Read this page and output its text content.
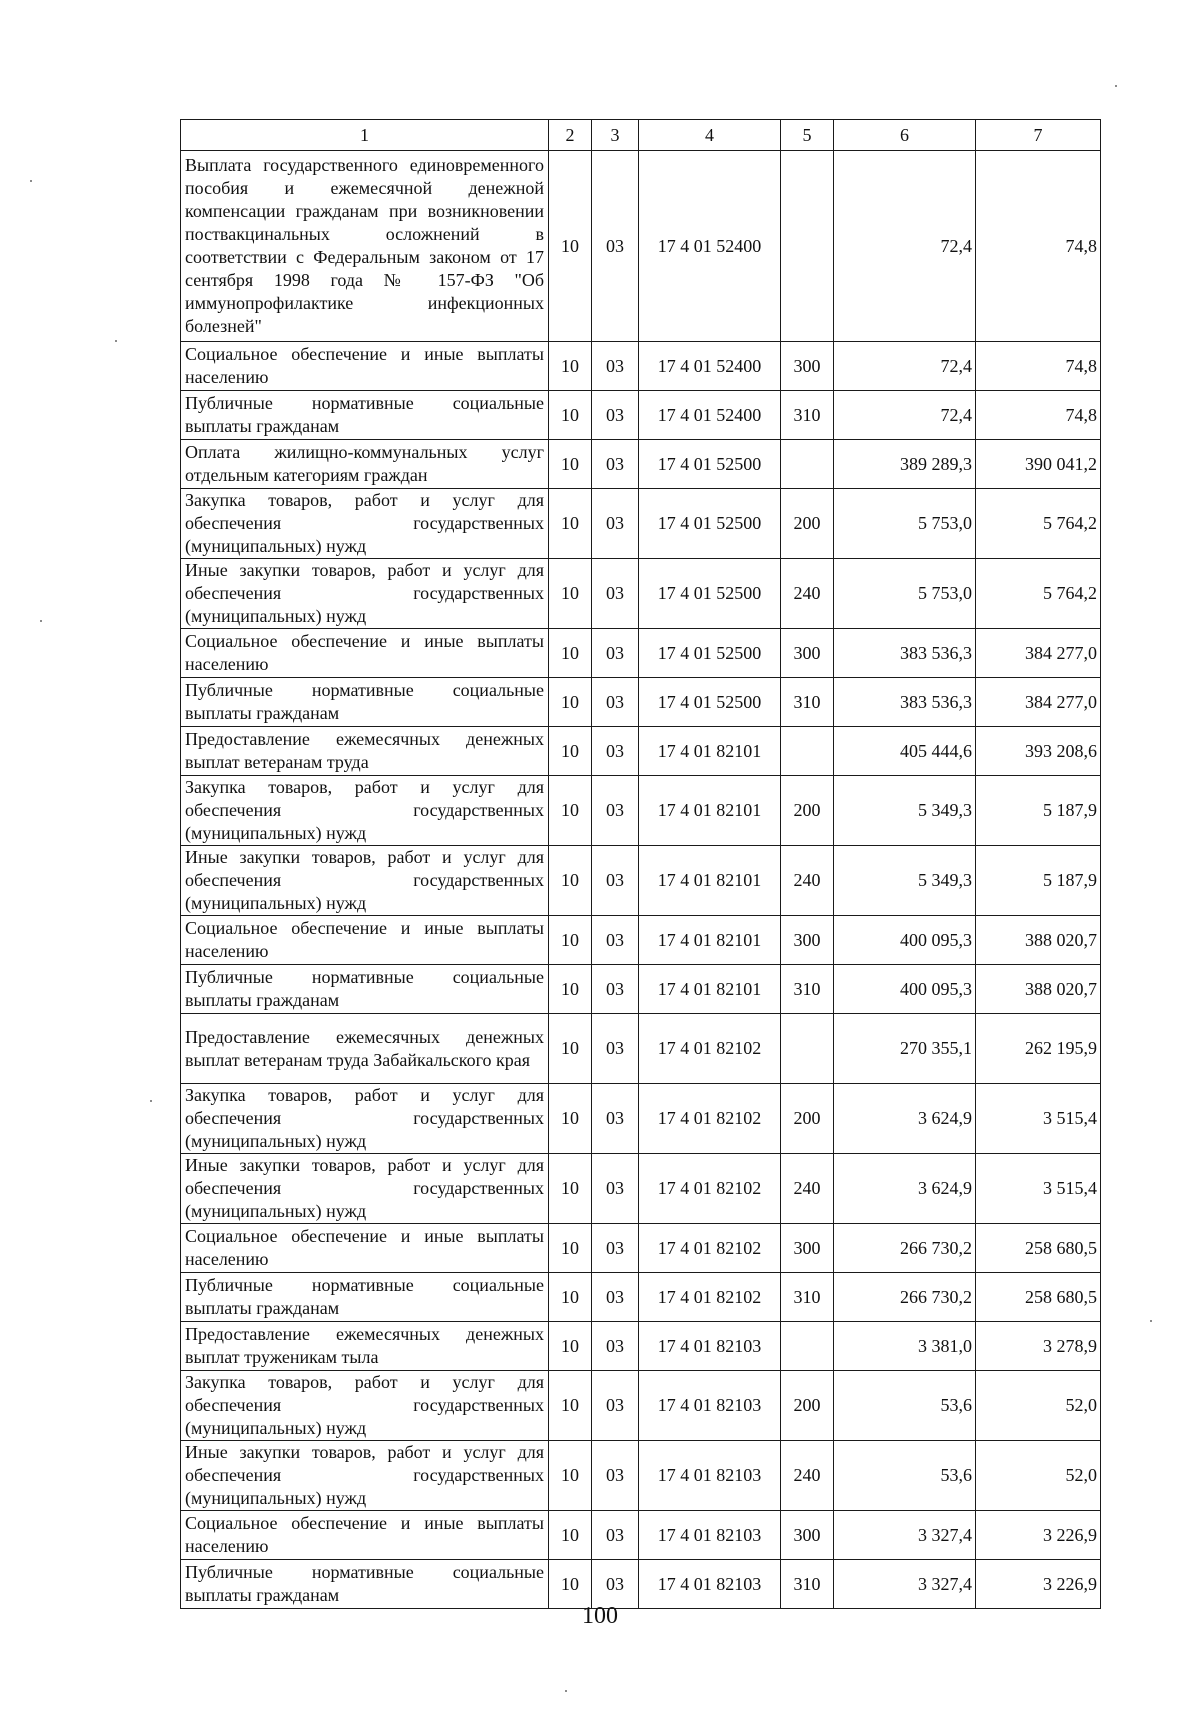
1	2	3	4	5	6	7
Выплата государственного единовременного пособия и ежемесячной денежной компенсации гражданам при возникновении поствакцинальных осложнений в соответствии с Федеральным законом от 17 сентября 1998 года № 157-ФЗ "Об иммунопрофилактике инфекционных болезней"	10	03	17 4 01 52400		72,4	74,8
Социальное обеспечение и иные выплаты населению	10	03	17 4 01 52400	300	72,4	74,8
Публичные нормативные социальные выплаты гражданам	10	03	17 4 01 52400	310	72,4	74,8
Оплата жилищно-коммунальных услуг отдельным категориям граждан	10	03	17 4 01 52500		389 289,3	390 041,2
Закупка товаров, работ и услуг для обеспечения государственных (муниципальных) нужд	10	03	17 4 01 52500	200	5 753,0	5 764,2
Иные закупки товаров, работ и услуг для обеспечения государственных (муниципальных) нужд	10	03	17 4 01 52500	240	5 753,0	5 764,2
Социальное обеспечение и иные выплаты населению	10	03	17 4 01 52500	300	383 536,3	384 277,0
Публичные нормативные социальные выплаты гражданам	10	03	17 4 01 52500	310	383 536,3	384 277,0
Предоставление ежемесячных денежных выплат ветеранам труда	10	03	17 4 01 82101		405 444,6	393 208,6
Закупка товаров, работ и услуг для обеспечения государственных (муниципальных) нужд	10	03	17 4 01 82101	200	5 349,3	5 187,9
Иные закупки товаров, работ и услуг для обеспечения государственных (муниципальных) нужд	10	03	17 4 01 82101	240	5 349,3	5 187,9
Социальное обеспечение и иные выплаты населению	10	03	17 4 01 82101	300	400 095,3	388 020,7
Публичные нормативные социальные выплаты гражданам	10	03	17 4 01 82101	310	400 095,3	388 020,7
Предоставление ежемесячных денежных выплат ветеранам труда Забайкальского края	10	03	17 4 01 82102		270 355,1	262 195,9
Закупка товаров, работ и услуг для обеспечения государственных (муниципальных) нужд	10	03	17 4 01 82102	200	3 624,9	3 515,4
Иные закупки товаров, работ и услуг для обеспечения государственных (муниципальных) нужд	10	03	17 4 01 82102	240	3 624,9	3 515,4
Социальное обеспечение и иные выплаты населению	10	03	17 4 01 82102	300	266 730,2	258 680,5
Публичные нормативные социальные выплаты гражданам	10	03	17 4 01 82102	310	266 730,2	258 680,5
Предоставление ежемесячных денежных выплат труженикам тыла	10	03	17 4 01 82103		3 381,0	3 278,9
Закупка товаров, работ и услуг для обеспечения государственных (муниципальных) нужд	10	03	17 4 01 82103	200	53,6	52,0
Иные закупки товаров, работ и услуг для обеспечения государственных (муниципальных) нужд	10	03	17 4 01 82103	240	53,6	52,0
Социальное обеспечение и иные выплаты населению	10	03	17 4 01 82103	300	3 327,4	3 226,9
Публичные нормативные социальные выплаты гражданам	10	03	17 4 01 82103	310	3 327,4	3 226,9
100
